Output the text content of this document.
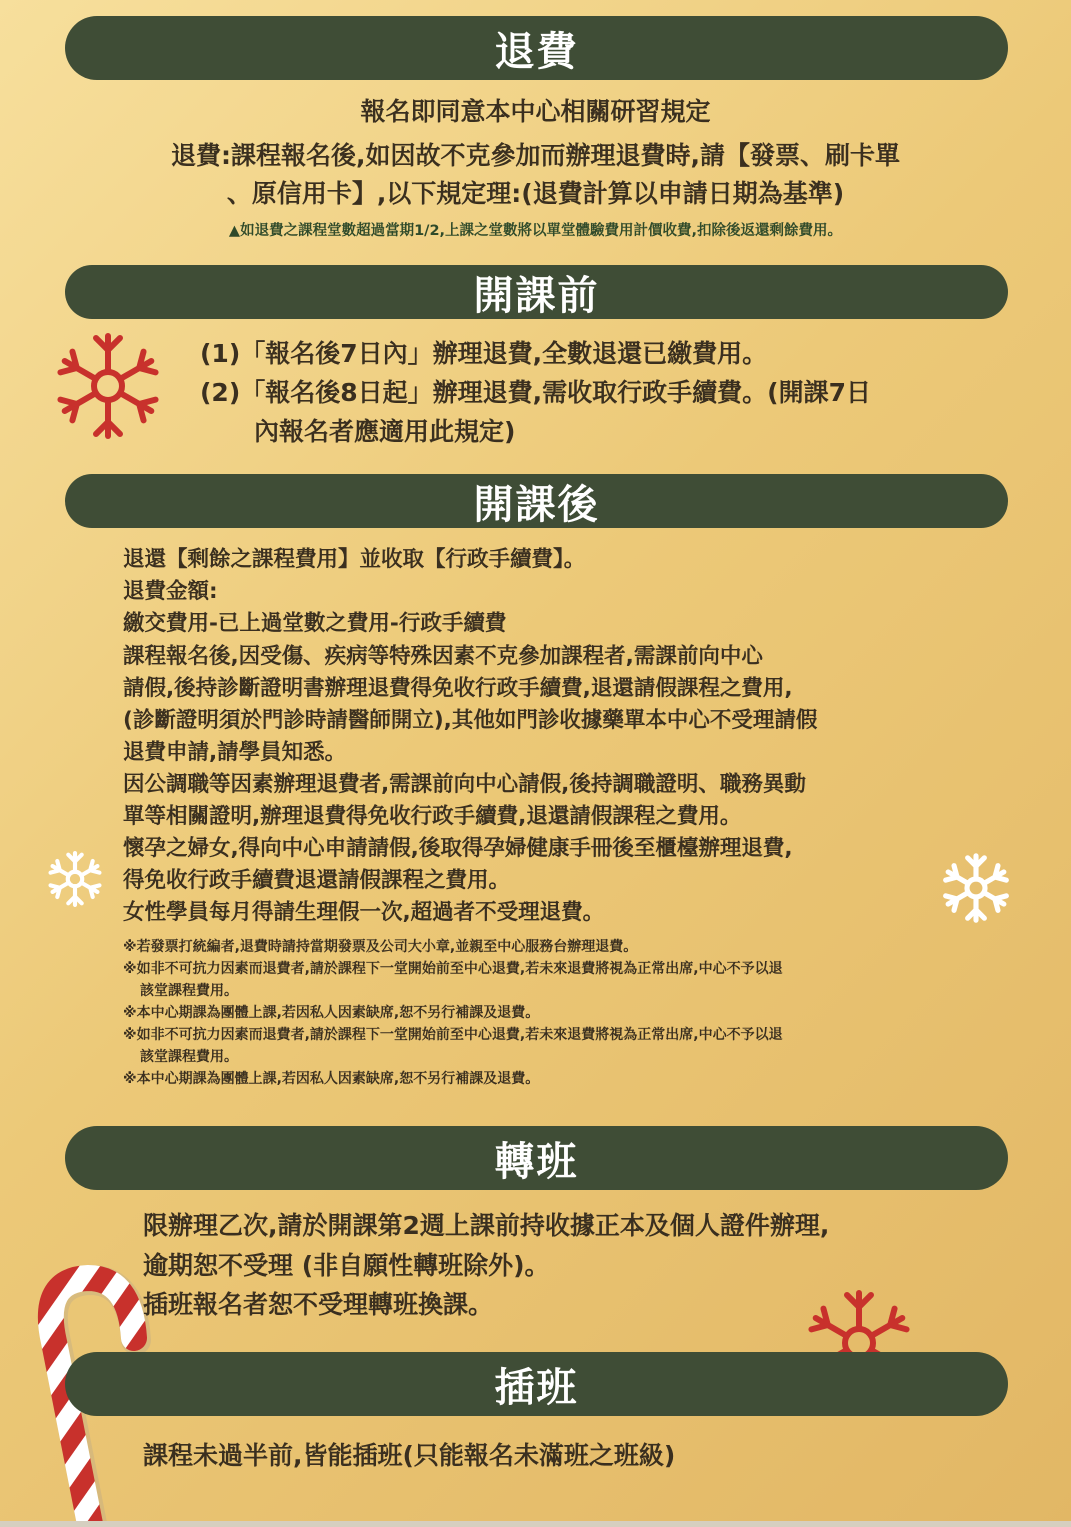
退費
報名即同意本中心相關研習規定
退費:課程報名後,如因故不克參加而辦理退費時,請【發票、刷卡單
、原信用卡】,以下規定理:(退費計算以申請日期為基準)
▲如退費之課程堂數超過當期1/2,上課之堂數將以單堂體驗費用計價收費,扣除後返還剩餘費用。
開課前
(1)「報名後7日內」辦理退費,全數退還已繳費用。
(2)「報名後8日起」辦理退費,需收取行政手續費。(開課7日
內報名者應適用此規定)
開課後
退還【剩餘之課程費用】並收取【行政手續費】。
退費金額:
繳交費用-已上過堂數之費用-行政手續費
課程報名後,因受傷、疾病等特殊因素不克參加課程者,需課前向中心
請假,後持診斷證明書辦理退費得免收行政手續費,退還請假課程之費用,
(診斷證明須於門診時請醫師開立),其他如門診收據藥單本中心不受理請假
退費申請,請學員知悉。
因公調職等因素辦理退費者,需課前向中心請假,後持調職證明、職務異動
單等相關證明,辦理退費得免收行政手續費,退還請假課程之費用。
懷孕之婦女,得向中心申請請假,後取得孕婦健康手冊後至櫃檯辦理退費,
得免收行政手續費退還請假課程之費用。
女性學員每月得請生理假一次,超過者不受理退費。
※若發票打統編者,退費時請持當期發票及公司大小章,並親至中心服務台辦理退費。
※如非不可抗力因素而退費者,請於課程下一堂開始前至中心退費,若未來退費將視為正常出席,中心不予以退
該堂課程費用。
※本中心期課為團體上課,若因私人因素缺席,恕不另行補課及退費。
※如非不可抗力因素而退費者,請於課程下一堂開始前至中心退費,若未來退費將視為正常出席,中心不予以退
該堂課程費用。
※本中心期課為團體上課,若因私人因素缺席,恕不另行補課及退費。
轉班
限辦理乙次,請於開課第2週上課前持收據正本及個人證件辦理,
逾期恕不受理 (非自願性轉班除外)。
插班報名者恕不受理轉班換課。
插班
課程未過半前,皆能插班(只能報名未滿班之班級)
